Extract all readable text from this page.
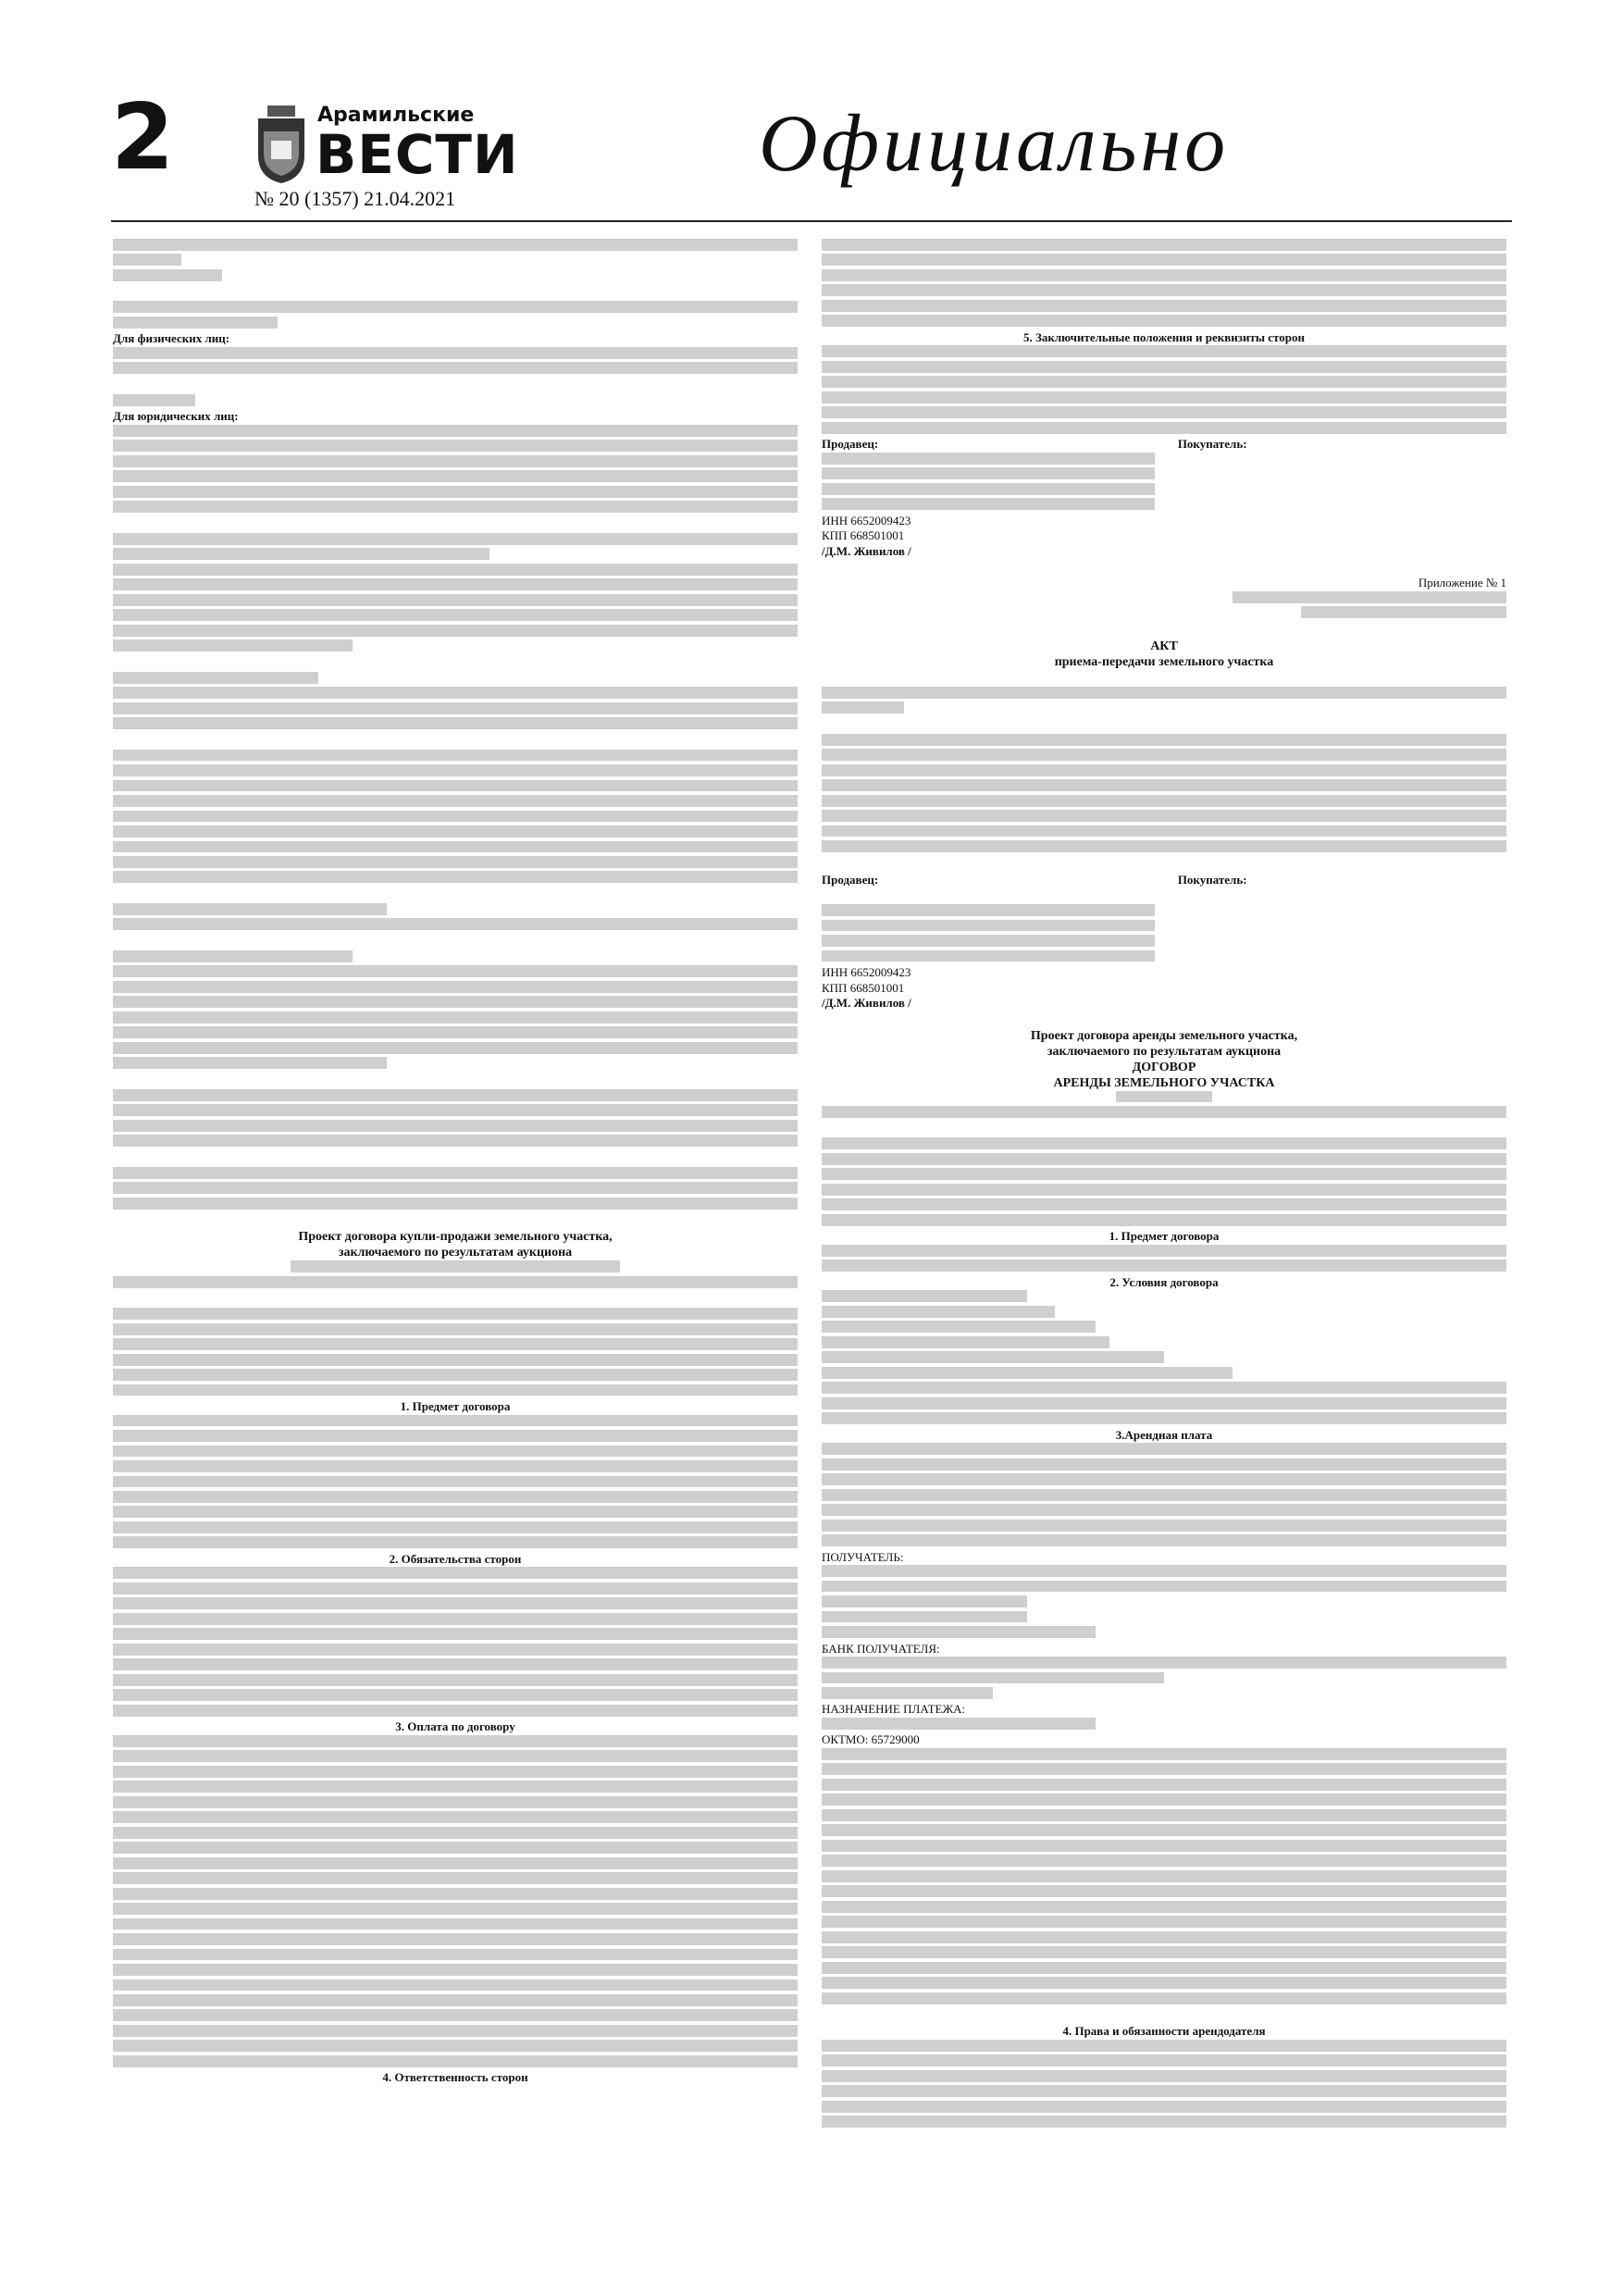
2	Арамильские
ВЕСТИ
№ 20 (1357) 21.04.2021
Официально
Для физических лиц:
Для юридических лиц:
Проект договора купли-продажи земельного участка,
заключаемого по результатам аукциона
1. Предмет договора
2. Обязательства сторон
3. Оплата по договору
4. Ответственность сторон
5. Заключительные положения и реквизиты сторон
Продавец:
ИНН 6652009423
КПП 668501001
/Д.М. Живилов /
Покупатель:
Приложение № 1
АКТ
приема-передачи земельного участка
Продавец:
ИНН 6652009423
КПП 668501001
/Д.М. Живилов /
Покупатель:
Проект договора аренды земельного участка,
заключаемого по результатам аукциона
ДОГОВОР
АРЕНДЫ ЗЕМЕЛЬНОГО УЧАСТКА
1. Предмет договора
2. Условия договора
3.Арендная плата
ПОЛУЧАТЕЛЬ:
БАНК ПОЛУЧАТЕЛЯ:
НАЗНАЧЕНИЕ ПЛАТЕЖА:
ОКТМО: 65729000
4. Права и обязанности арендодателя
